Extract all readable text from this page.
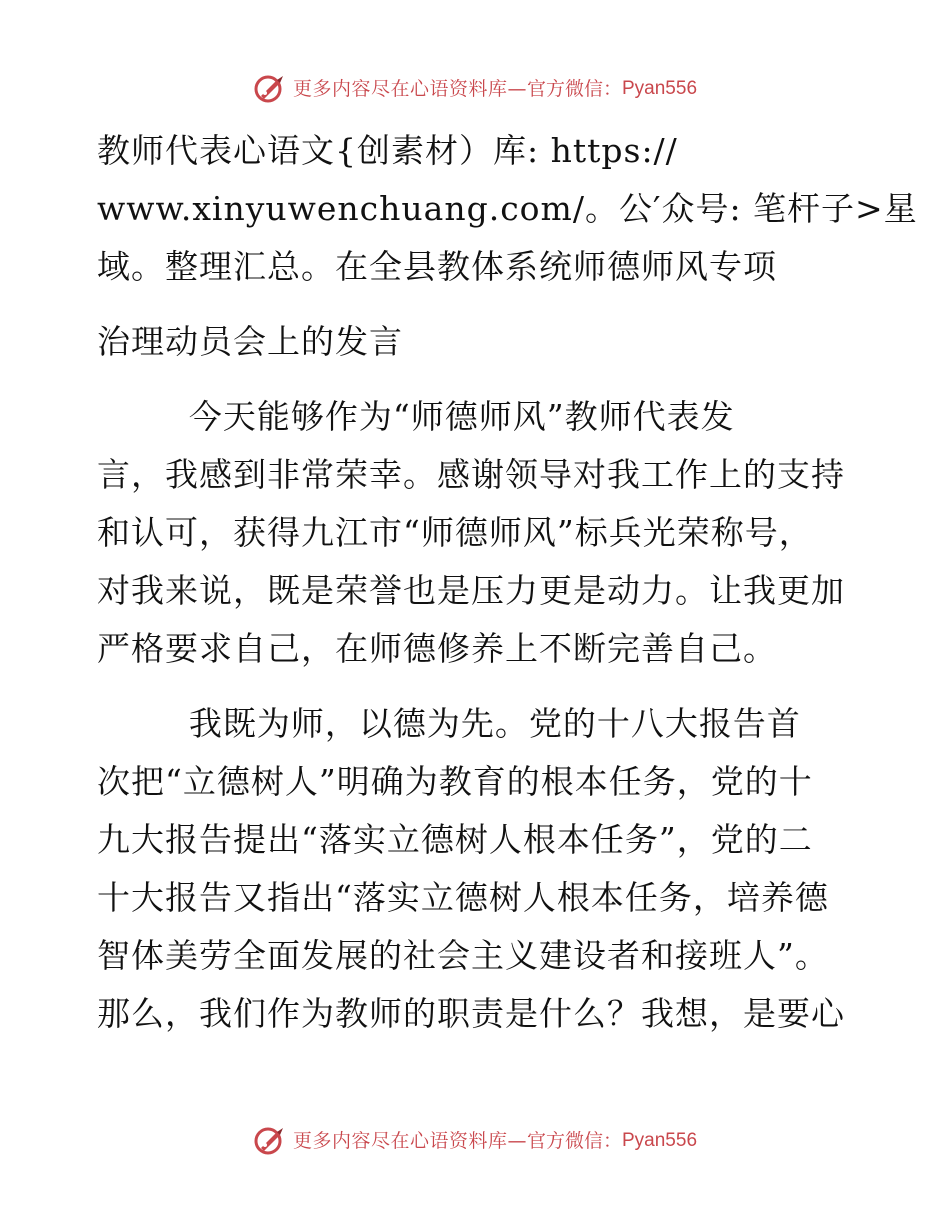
更多内容尽在心语资料库— 官方微信： Pyan556
教师代表心语文{创素材）库: https://
www.xinyuwenchuang.com/。公′众号: 笔杆子>星
域。整理汇总。在全县教体系统师德师风专项
治理动员会上的发言
今天能够作为“师德师风”教师代表发
言，我感到非常荣幸。感谢领导对我工作上的支持
和认可，获得九江市“师德师风”标兵光荣称号，
对我来说，既是荣誉也是压力更是动力。让我更加
严格要求自己，在师德修养上不断完善自己。
我既为师，以德为先。党的十八大报告首
次把“立德树人”明确为教育的根本任务，党的十
九大报告提出“落实立德树人根本任务”，党的二
十大报告又指出“落实立德树人根本任务，培养德
智体美劳全面发展的社会主义建设者和接班人”。
那么，我们作为教师的职责是什么？我想，是要心
更多内容尽在心语资料库— 官方微信： Pyan556
